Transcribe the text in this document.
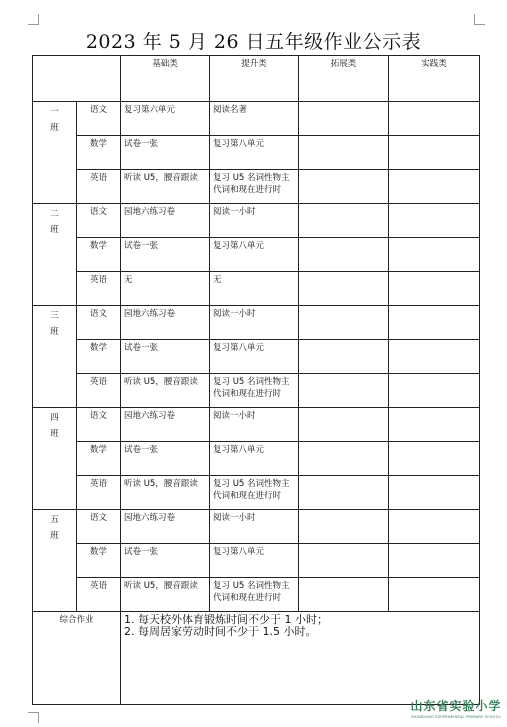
2023 年 5 月 26 日五年级作业公示表
		基础类	提升类	拓展类	实践类

一
班	语文	复习第六单元	阅读名著		
	数学	试卷一张	复习第八单元		
	英语	听读 U5，腰音跟读	复习 U5 名词性物主代词和现在进行时		

二
班	语文	园地六练习卷	阅读一小时		
	数学	试卷一张	复习第八单元		
	英语	无	无		

三
班	语文	园地六练习卷	阅读一小时		
	数学	试卷一张	复习第八单元		
	英语	听读 U5，腰音跟读	复习 U5 名词性物主代词和现在进行时		

四
班	语文	园地六练习卷	阅读一小时		
	数学	试卷一张	复习第八单元		
	英语	听读 U5，腰音跟读	复习 U5 名词性物主代词和现在进行时		

五
班	语文	园地六练习卷	阅读一小时		
	数学	试卷一张	复习第八单元		
	英语	听读 U5，腰音跟读	复习 U5 名词性物主代词和现在进行时		
综合作业		1. 每天校外体育锻炼时间不少于 1 小时；
2. 每周居家劳动时间不少于 1.5 小时。			
山东省实验小学
SHANDONG EXPERIMENTAL PRIMARY SCHOOL
